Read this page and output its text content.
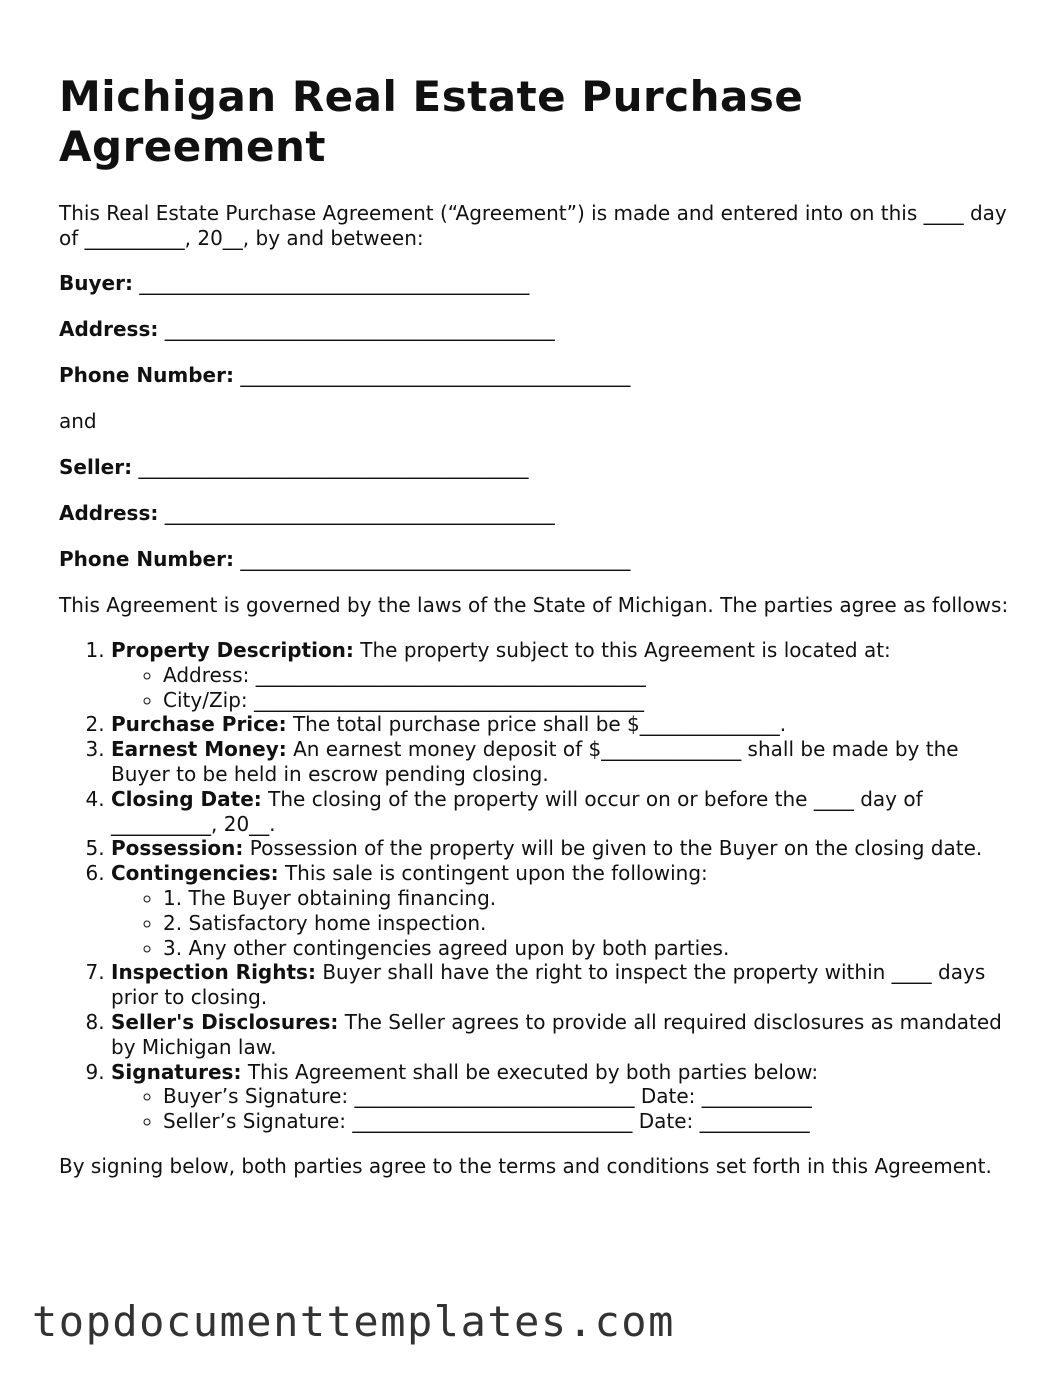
Michigan Real Estate Purchase Agreement

This Real Estate Purchase Agreement (“Agreement”) is made and entered into on this ____ day of __________, 20__, by and between:

Buyer: _______________________________________

Address: _______________________________________

Phone Number: _______________________________________

and

Seller: _______________________________________

Address: _______________________________________

Phone Number: _______________________________________

This Agreement is governed by the laws of the State of Michigan. The parties agree as follows:

1. Property Description: The property subject to this Agreement is located at:
◦ Address: _______________________________________
◦ City/Zip: _______________________________________
2. Purchase Price: The total purchase price shall be $______________.
3. Earnest Money: An earnest money deposit of $______________ shall be made by the Buyer to be held in escrow pending closing.
4. Closing Date: The closing of the property will occur on or before the ____ day of __________, 20__.
5. Possession: Possession of the property will be given to the Buyer on the closing date.
6. Contingencies: This sale is contingent upon the following:
◦ 1. The Buyer obtaining financing.
◦ 2. Satisfactory home inspection.
◦ 3. Any other contingencies agreed upon by both parties.
7. Inspection Rights: Buyer shall have the right to inspect the property within ____ days prior to closing.
8. Seller's Disclosures: The Seller agrees to provide all required disclosures as mandated by Michigan law.
9. Signatures: This Agreement shall be executed by both parties below:
◦ Buyer’s Signature: ____________________________ Date: ___________
◦ Seller’s Signature: ____________________________ Date: ___________

By signing below, both parties agree to the terms and conditions set forth in this Agreement.

topdocumenttemplates.com
